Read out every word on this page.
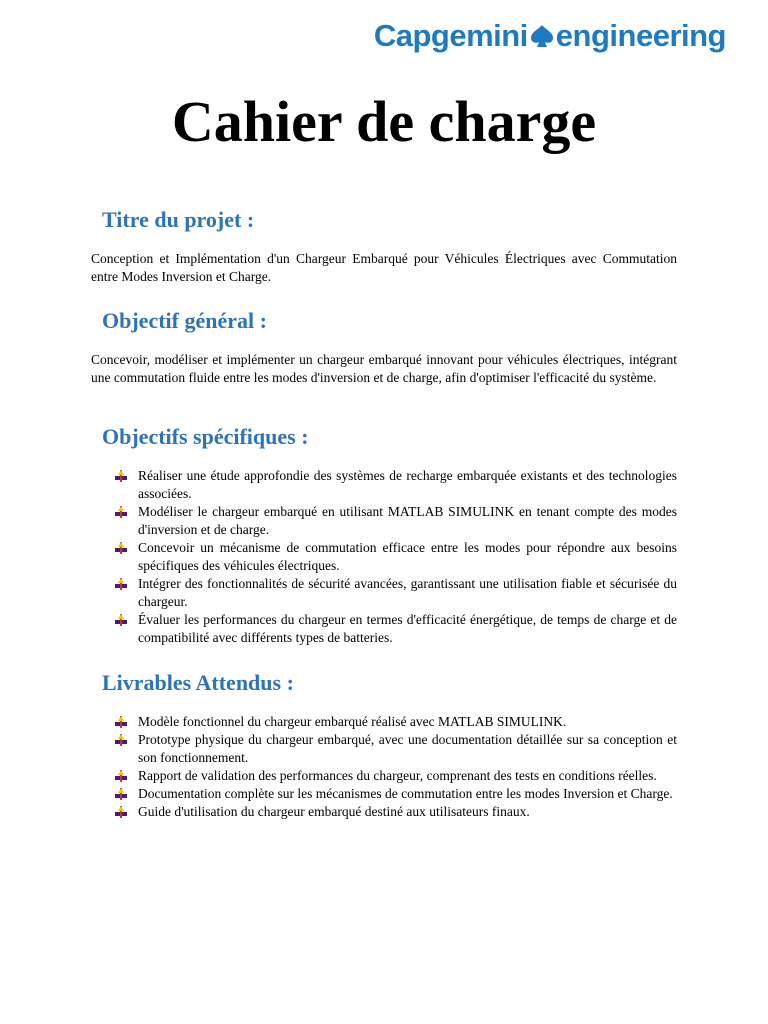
Capgemini engineering
Cahier de charge
Titre du projet :

Conception et Implémentation d'un Chargeur Embarqué pour Véhicules Électriques avec Commutation entre Modes Inversion et Charge.

Objectif général :

Concevoir, modéliser et implémenter un chargeur embarqué innovant pour véhicules électriques, intégrant une commutation fluide entre les modes d'inversion et de charge, afin d'optimiser l'efficacité du système.

Objectifs spécifiques :
Réaliser une étude approfondie des systèmes de recharge embarquée existants et des technologies associées.
Modéliser le chargeur embarqué en utilisant MATLAB SIMULINK en tenant compte des modes d'inversion et de charge.
Concevoir un mécanisme de commutation efficace entre les modes pour répondre aux besoins spécifiques des véhicules électriques.
Intégrer des fonctionnalités de sécurité avancées, garantissant une utilisation fiable et sécurisée du chargeur.
Évaluer les performances du chargeur en termes d'efficacité énergétique, de temps de charge et de compatibilité avec différents types de batteries.
Livrables Attendus :
Modèle fonctionnel du chargeur embarqué réalisé avec MATLAB SIMULINK.
Prototype physique du chargeur embarqué, avec une documentation détaillée sur sa conception et son fonctionnement.
Rapport de validation des performances du chargeur, comprenant des tests en conditions réelles.
Documentation complète sur les mécanismes de commutation entre les modes Inversion et Charge.
Guide d'utilisation du chargeur embarqué destiné aux utilisateurs finaux.
